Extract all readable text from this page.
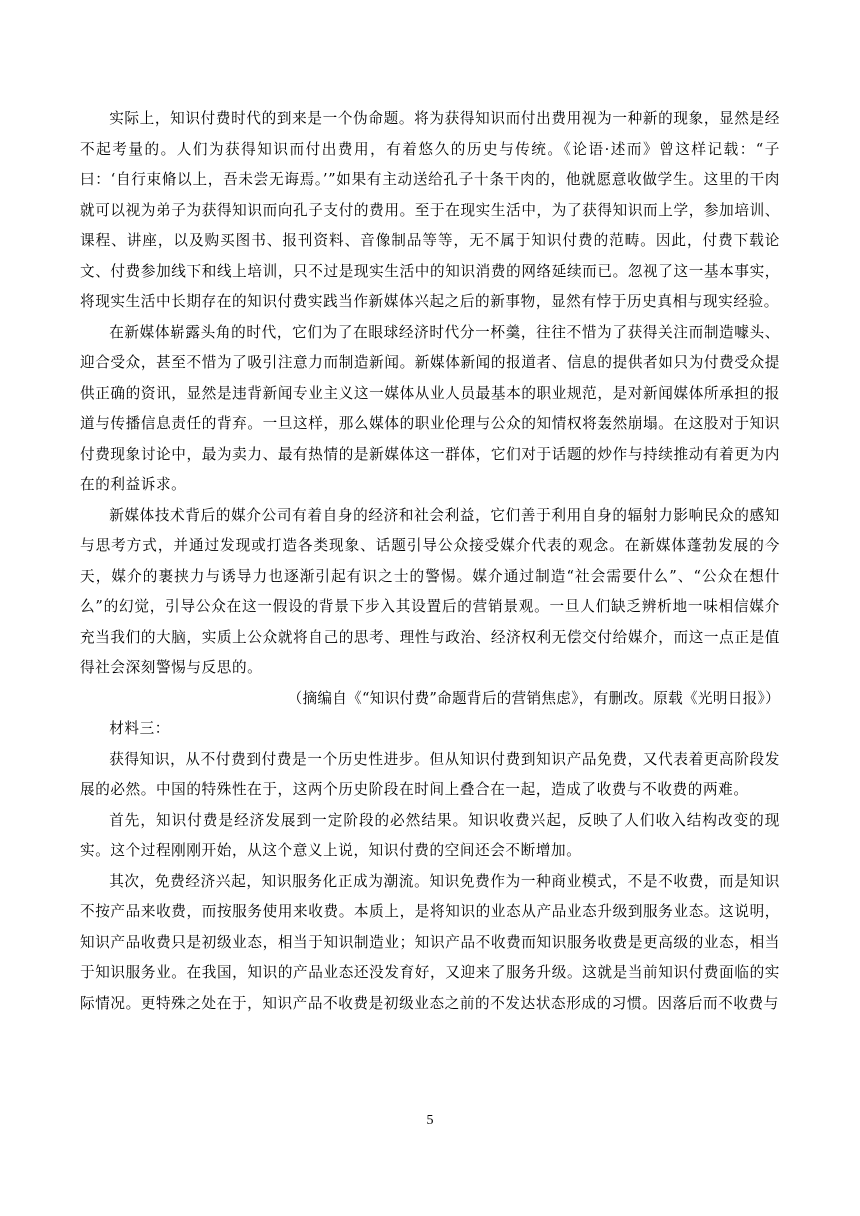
实际上，知识付费时代的到来是一个伪命题。将为获得知识而付出费用视为一种新的现象，显然是经不起考量的。人们为获得知识而付出费用，有着悠久的历史与传统。《论语·述而》曾这样记载：“子曰：‘自行束脩以上，吾未尝无诲焉。’”如果有主动送给孔子十条干肉的，他就愿意收做学生。这里的干肉就可以视为弟子为获得知识而向孔子支付的费用。至于在现实生活中，为了获得知识而上学，参加培训、课程、讲座，以及购买图书、报刊资料、音像制品等等，无不属于知识付费的范畴。因此，付费下载论文、付费参加线下和线上培训，只不过是现实生活中的知识消费的网络延续而已。忽视了这一基本事实，将现实生活中长期存在的知识付费实践当作新媒体兴起之后的新事物，显然有悖于历史真相与现实经验。

在新媒体崭露头角的时代，它们为了在眼球经济时代分一杯羹，往往不惜为了获得关注而制造噱头、迎合受众，甚至不惜为了吸引注意力而制造新闻。新媒体新闻的报道者、信息的提供者如只为付费受众提供正确的资讯，显然是违背新闻专业主义这一媒体从业人员最基本的职业规范，是对新闻媒体所承担的报道与传播信息责任的背弃。一旦这样，那么媒体的职业伦理与公众的知情权将轰然崩塌。在这股对于知识付费现象讨论中，最为卖力、最有热情的是新媒体这一群体，它们对于话题的炒作与持续推动有着更为内在的利益诉求。

新媒体技术背后的媒介公司有着自身的经济和社会利益，它们善于利用自身的辐射力影响民众的感知与思考方式，并通过发现或打造各类现象、话题引导公众接受媒介代表的观念。在新媒体蓬勃发展的今天，媒介的裹挟力与诱导力也逐渐引起有识之士的警惕。媒介通过制造“社会需要什么”、“公众在想什么”的幻觉，引导公众在这一假设的背景下步入其设置后的营销景观。一旦人们缺乏辨析地一味相信媒介充当我们的大脑，实质上公众就将自己的思考、理性与政治、经济权利无偿交付给媒介，而这一点正是值得社会深刻警惕与反思的。

（摘编自《“知识付费”命题背后的营销焦虑》，有删改。原载《光明日报》）

材料三：

获得知识，从不付费到付费是一个历史性进步。但从知识付费到知识产品免费，又代表着更高阶段发展的必然。中国的特殊性在于，这两个历史阶段在时间上叠合在一起，造成了收费与不收费的两难。

首先，知识付费是经济发展到一定阶段的必然结果。知识收费兴起，反映了人们收入结构改变的现实。这个过程刚刚开始，从这个意义上说，知识付费的空间还会不断增加。

其次，免费经济兴起，知识服务化正成为潮流。知识免费作为一种商业模式，不是不收费，而是知识不按产品来收费，而按服务使用来收费。本质上，是将知识的业态从产品业态升级到服务业态。这说明，知识产品收费只是初级业态，相当于知识制造业；知识产品不收费而知识服务收费是更高级的业态，相当于知识服务业。在我国，知识的产品业态还没发育好，又迎来了服务升级。这就是当前知识付费面临的实际情况。更特殊之处在于，知识产品不收费是初级业态之前的不发达状态形成的习惯。因落后而不收费与

5
